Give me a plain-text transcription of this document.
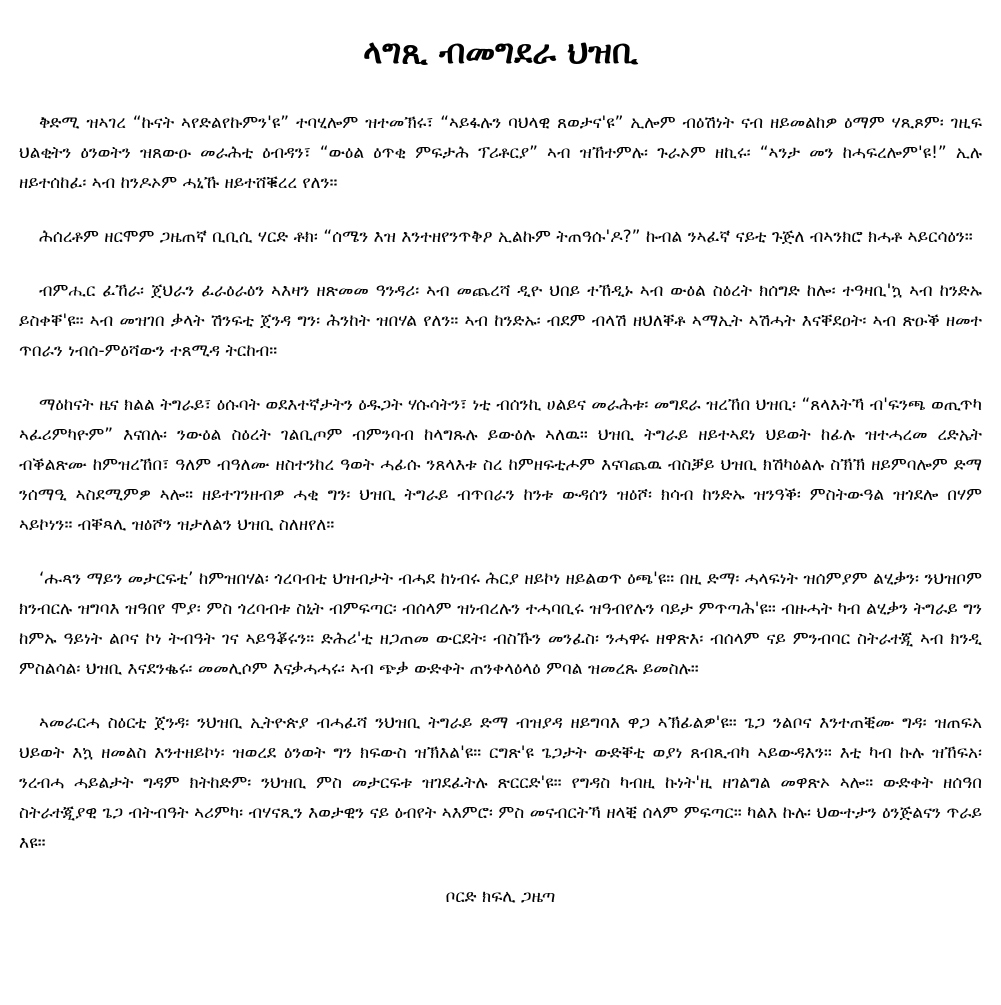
ላግጺ ብመግደራ ህዝቢ

ቅድሚ ዝኣገረ “ኩናት ኣየድልየኩምን'ዩ” ተባሂሎም ዝተመኽሩ፣ “ኣይፋሉን ባህላዊ ጸወታና'ዩ” ኢሎም ብዕሽነት ናብ ዘይመልከዎ ዕማም ሃጺጾም፡ ገዚፍ ህልቂትን ዕንወትን ዝጸውዑ መራሕቲ ዕብዳን፣ “ውዕል ዕጥቂ ምፍታሕ ፕሪቶርያ” ኣብ ዝኸተምሉ፡ ጉራኦም ዘኪሩ፡ “ኣንታ መን ከሓፍረሎም'ዩ!” ኢሉ ዘይተሰከፈ፡ ኣብ ከንዶኦም ሓኒኹ ዘይተሸቑረረ የለን።

ሕሰረቶም ዘርሞም ጋዜጠኛ ቢቢሲ ሃርድ ቶክ፡ “ሰሜን እዝ እንተዘየንጥቅዖ ኢልኩም ትጠዓሱ'ዶ?” ኩብል ንኣፈኛ ናይቲ ጉጅለ ብኣንክሮ ክሓቶ ኣይርሳዕን።

ብምሒር ፈኸራ፡ ጀህራን ፈራዕራዕን ኣእዛን ዘጽመመ ዓንዳሪ፡ ኣብ መጨረሻ ዲዮ ህበይ ተኸዲኑ ኣብ ውዕል ስዕረት ክሰግድ ከሎ፡ ተዓዛቢ'ኳ ኣብ ከንድኡ ይስቀቐ'ዩ። ኣብ መዝገበ ቃላት ሽንፍቲ ጀንዳ ግን፡ ሕንከት ዝበሃል የለን። ኣብ ከንድኡ፡ ብደም ብላሽ ዘህለቐቶ ኣማኢት ኣሽሓት እናቐደዐት፡ ኣብ ጽዑቕ ዘመተ ጥበራን ነብሰ-ምዕሻውን ተጸሚዳ ትርከብ።

ማዕከናት ዜና ክልል ትግራይ፣ ዕሱባት ወደእተኛታትን ዕዱጋት ሃሱሳትን፣ ነቲ ብሰንኪ ሀልይና መራሕቱ፡ መግደራ ዝረኸበ ህዝቢ፡ “ጸላእትኻ ብ'ፍንጫ ወጢጥካ ኣፈሪምካዮም” እናበሉ፡ ንውዕል ስዕረት ገልቢጦም ብምንባብ ከላግጹሉ ይውዕሉ ኣለዉ። ህዝቢ ትግራይ ዘይተኣደነ ህይወት ከፊሉ ዝተሓረመ ረድኤት ብቕልጽሙ ከምዝረኸበ፣ ዓለም ብዓለሙ ዘስተንከረ ዓወት ሓፊሱ ንጸላእቱ ስረ ከምዘፍቲሖም እናባጨዉ ብስቓይ ህዝቢ ክሽካዕልሉ ስኽኽ ዘይምባሎም ድማ ንሰማዒ ኣስደሚምዎ ኣሎ። ዘይተገንዘብዎ ሓቂ ግን፡ ህዝቢ ትግራይ ብጥበራን ከንቱ ውዳሰን ዝዕሾ፡ ክሳብ ከንድኡ ዝንዓቕ፡ ምስትውዓል ዝጎደሎ በሃም ኣይኮነን። ብቐጻሊ ዝዕሾን ዝታለልን ህዝቢ ስለዘየለ።

‘ሑጻን ማይን መታርፍቲ’ ከምዝበሃል፡ ጎረባብቲ ህዝብታት ብሓደ ከነብሩ ሕርያ ዘይኮነ ዘይልወጥ ዕጫ'ዩ። በዚ ድማ፡ ሓላፍነት ዝሰምያም ልሂቃን፡ ንህዝቦም ክንብርሉ ዝግባእ ዝዓበየ ሞያ፡ ምስ ጎረባብቱ ስኒት ብምፍጣር፡ ብሰላም ዝነብረሉን ተሓባቢሩ ዝዓብየሉን ባይታ ምጥጣሕ'ዩ። ብዙሓት ካብ ልሂቃን ትግራይ ግን ከምኡ ዓይነት ልቦና ኮነ ትብዓት ገና ኣይዓቖሩን። ድሕሪ'ቲ ዘጋጠመ ውርደት፡ ብስኹን መንፈስ፡ ንሓዋሩ ዘዋጽእ፡ ብሰላም ናይ ምንብባር ስትራተጂ ኣብ ክንዲ ምስልሳል፡ ህዝቢ እናደንቈሩ፡ መመሊሶም እናቃሓሓሩ፡ ኣብ ጭቃ ውድቀት ጠንቀላዕላዕ ምባል ዝመረጹ ይመስሉ።

ኣመራርሓ ስዕርቲ ጀንዳ፡ ንህዝቢ ኢትዮጵያ ብሓፈሻ ንህዝቢ ትግራይ ድማ ብዝያዳ ዘይግባእ ዋጋ ኣኽፊልዎ'ዩ። ጌጋ ንልቦና እንተጠቒሙ ግዳ፡ ዝጠፍአ ህይወት እኳ ዘመልስ እንተዘይኮነ፡ ዝወረደ ዕንወት ግን ክፍውስ ዝኽእል'ዩ። ርግጽ'ዩ ጌጋታት ውድቐቲ ወያነ ጸብጺብካ ኣይውዳእን። እቲ ካብ ኩሉ ዝኸፍአ፡ ንረብሓ ሓይልታት ግዳም ክትከድም፡ ንህዝቢ ምስ መታርፍቱ ዝገደፈትሉ ጽርርድ'ዩ። የግዳስ ካብዚ ኩነት'ዚ ዘገልግል መዋጽኦ ኣሎ። ውድቀት ዘሰዓበ ስትራተጂያዊ ጌጋ ብትብዓት ኣሪምካ፡ ብሃናጺን እወታዊን ናይ ዕብየት ኣእምሮ፡ ምስ መናብርትኻ ዘላቒ ሰላም ምፍጣር። ካልእ ኩሉ፡ ህውተታን ዕንጅልናን ጥራይ እዩ።

ቦርድ ክፍሊ ጋዜጣ
